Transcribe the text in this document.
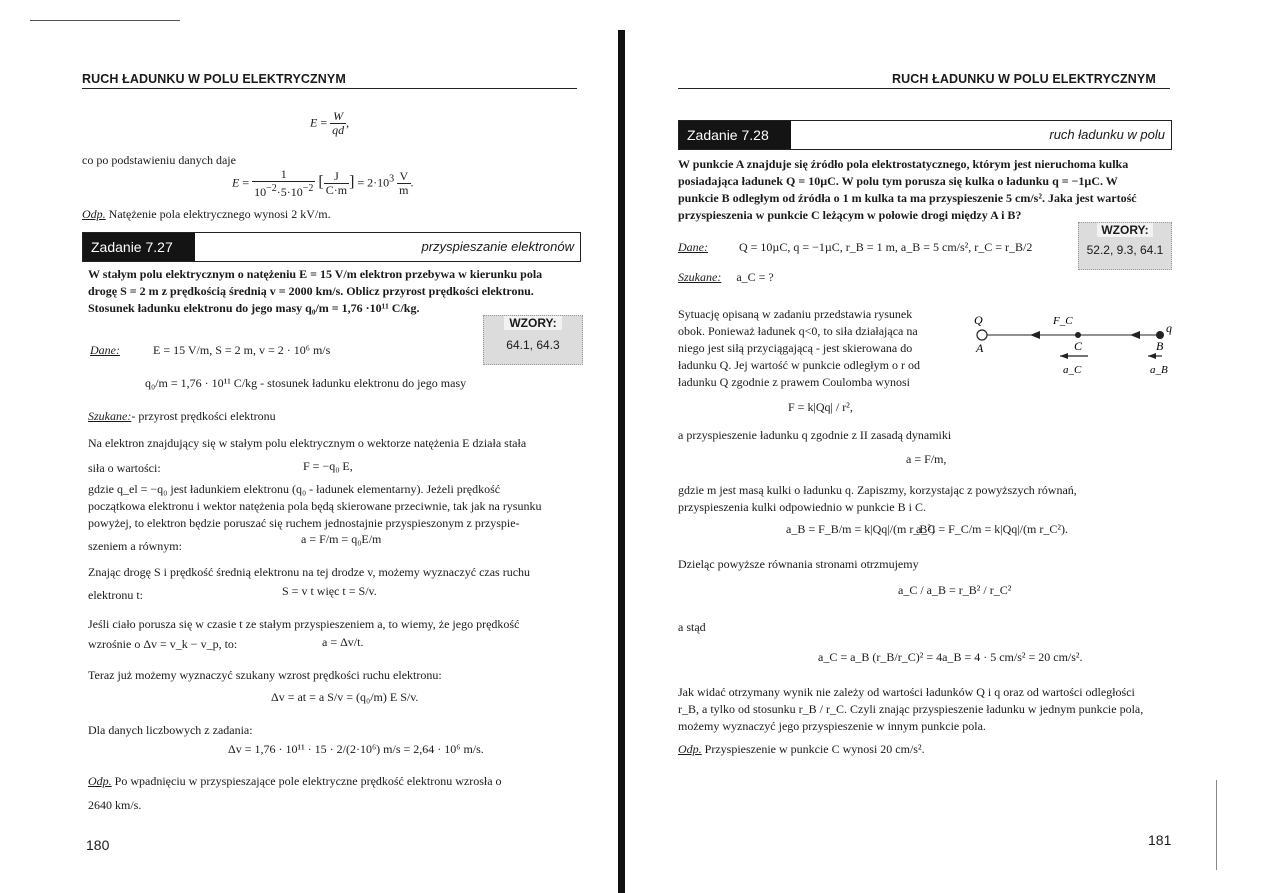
RUCH ŁADUNKU W POLU ELEKTRYCZNYM
$E = \frac{W}{qd}$ ,
co po podstawieniu danych daje
$E = \frac{1}{10^{-2}\cdot 5\cdot 10^{-2}}$ [ $\frac{J}{C\cdot m}$ ] = $2\cdot 10^3 \frac{V}{m}$ .
Odp. Natężenie pola elektrycznego wynosi 2 kV/m.
Zadanie 7.27	przyspieszanie elektronów
W stałym polu elektrycznym o natężeniu E = 15 V/m elektron przebywa w kierunku pola
drogę S = 2 m z prędkością średnią v = 2000 km/s. Oblicz przyrost prędkości elektronu.
Stosunek ładunku elektronu do jego masy q₀/m = 1,76 ·10¹¹ C/kg.
WZORY:
64.1, 64.3
Dane:	E = 15 V/m, S = 2 m, v = 2 · 10⁶ m/s
q₀/m = 1,76 · 10¹¹ C/kg - stosunek ładunku elektronu do jego masy
Szukane:- przyrost prędkości elektronu
Na elektron znajdujący się w stałym polu elektrycznym o wektorze natężenia E działa stała
siła o wartości:	F = −q₀ E,
gdzie q_el = −q₀ jest ładunkiem elektronu (q₀ - ładunek elementarny). Jeżeli prędkość
początkowa elektronu i wektor natężenia pola będą skierowane przeciwnie, tak jak na rysunku
powyżej, to elektron będzie poruszać się ruchem jednostajnie przyspieszonym z przyspie-
szeniem a równym:	a = F/m = q₀E/m
Znając drogę S i prędkość średnią elektronu na tej drodze v, możemy wyznaczyć czas ruchu
elektronu t:	S = v t więc t = S/v.
Jeśli ciało porusza się w czasie t ze stałym przyspieszeniem a, to wiemy, że jego prędkość
wzrośnie o Δv = v_k − v_p, to:	a = Δv/t.
Teraz już możemy wyznaczyć szukany wzrost prędkości ruchu elektronu:
Δv = at = a S/v = (q₀/m) E S/v.
Dla danych liczbowych z zadania:
Δv = 1,76 · 10¹¹ · 15 · 2/(2·10⁶) m/s = 2,64 · 10⁶ m/s.
Odp. Po wpadnięciu w przyspieszające pole elektryczne prędkość elektronu wzrosła o
2640 km/s.
180
RUCH ŁADUNKU W POLU ELEKTRYCZNYM
Zadanie 7.28	ruch ładunku w polu
W punkcie A znajduje się źródło pola elektrostatycznego, którym jest nieruchoma kulka
posiadająca ładunek Q = 10µC. W polu tym porusza się kulka o ładunku q = −1µC. W
punkcie B odległym od źródła o 1 m kulka ta ma przyspieszenie 5 cm/s². Jaka jest wartość
przyspieszenia w punkcie C leżącym w połowie drogi między A i B?
WZORY:
52.2, 9.3, 64.1
Dane:	Q = 10µC, q = −1µC, r_B = 1 m, a_B = 5 cm/s², r_C = r_B/2
Szukane: a_C = ?
Sytuację opisaną w zadaniu przedstawia rysunek
obok. Ponieważ ładunek q<0, to siła działająca na
niego jest siłą przyciągającą - jest skierowana do
ładunku Q. Jej wartość w punkcie odległym o r od
ładunku Q zgodnie z prawem Coulomba wynosi
Q	F_C	q
A	C	B
a_C	a_B
F = k|Qq| / r²,
a przyspieszenie ładunku q zgodnie z II zasadą dynamiki
a = F/m,
gdzie m jest masą kulki o ładunku q. Zapiszmy, korzystając z powyższych równań,
przyspieszenia kulki odpowiednio w punkcie B i C.
a_B = F_B/m = k|Qq|/(m r_B²)
a_C = F_C/m = k|Qq|/(m r_C²).
Dzieląc powyższe równania stronami otrzmujemy
a_C / a_B = r_B² / r_C²
a stąd
a_C = a_B (r_B/r_C)² = 4a_B = 4 · 5 cm/s² = 20 cm/s².
Jak widać otrzymany wynik nie zależy od wartości ładunków Q i q oraz od wartości odległości
r_B, a tylko od stosunku r_B / r_C. Czyli znając przyspieszenie ładunku w jednym punkcie pola,
możemy wyznaczyć jego przyspieszenie w innym punkcie pola.
Odp. Przyspieszenie w punkcie C wynosi 20 cm/s².
181
